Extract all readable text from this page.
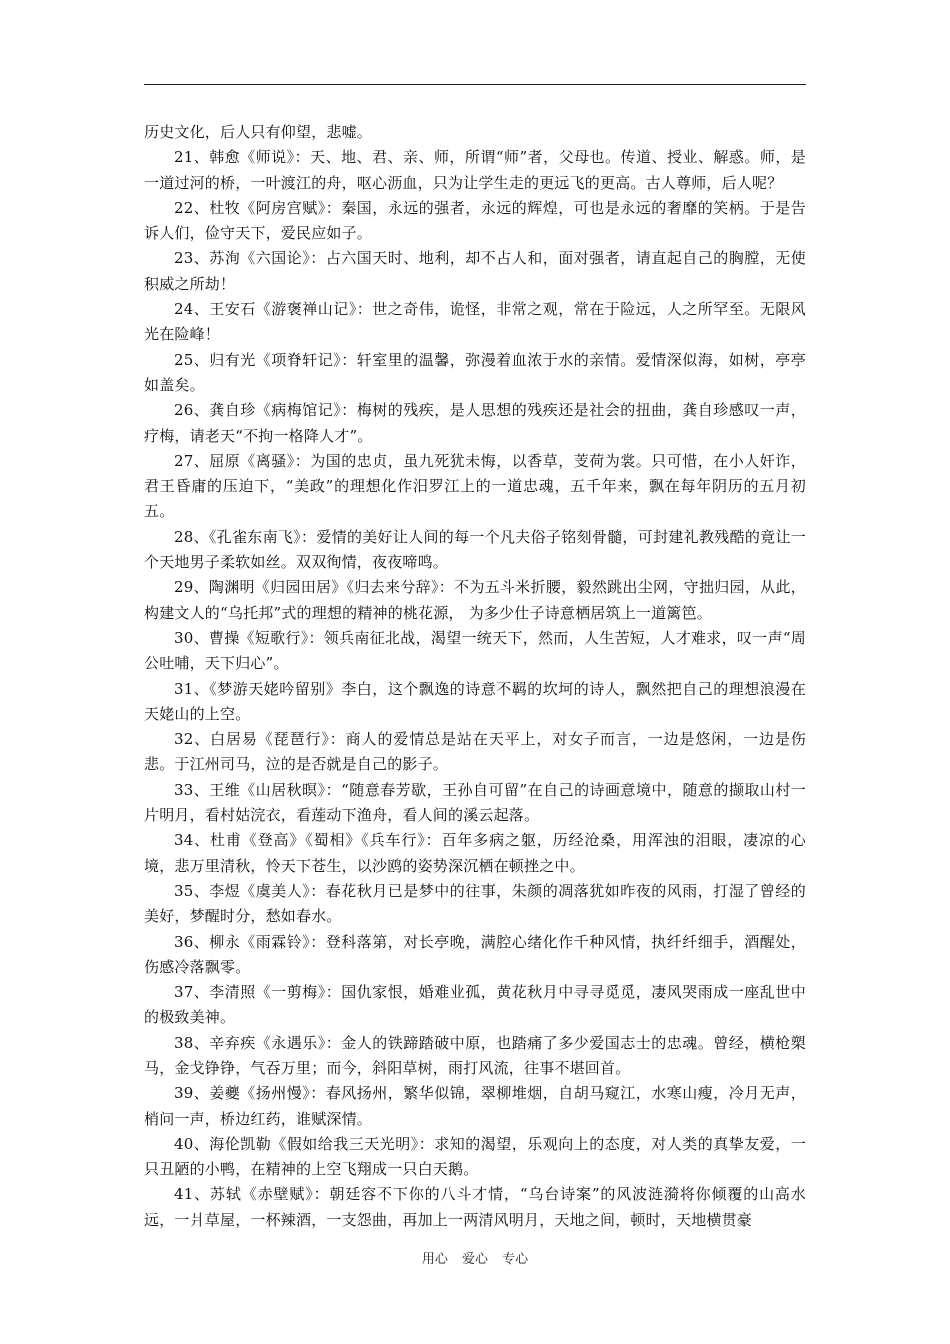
历史文化，后人只有仰望，悲嘘。

21、韩愈《师说》：天、地、君、亲、师，所谓“师”者，父母也。传道、授业、解惑。师，是一道过河的桥，一叶渡江的舟，呕心沥血，只为让学生走的更远飞的更高。古人尊师，后人呢？

22、杜牧《阿房宫赋》：秦国，永远的强者，永远的辉煌，可也是永远的奢靡的笑柄。于是告诉人们，俭守天下，爱民应如子。

23、苏洵《六国论》：占六国天时、地利，却不占人和，面对强者，请直起自己的胸膛，无使积威之所劫！

24、王安石《游褒禅山记》：世之奇伟，诡怪，非常之观，常在于险远，人之所罕至。无限风光在险峰！

25、归有光《项脊轩记》：轩室里的温馨，弥漫着血浓于水的亲情。爱情深似海，如树，亭亭如盖矣。

26、龚自珍《病梅馆记》：梅树的残疾，是人思想的残疾还是社会的扭曲，龚自珍感叹一声，疗梅，请老天“不拘一格降人才”。

27、屈原《离骚》：为国的忠贞，虽九死犹未悔，以香草，芰荷为裳。只可惜，在小人奸诈，君王昏庸的压迫下，“美政”的理想化作汨罗江上的一道忠魂，五千年来，飘在每年阴历的五月初五。

28、《孔雀东南飞》：爱情的美好让人间的每一个凡夫俗子铭刻骨髓，可封建礼教残酷的竟让一个天地男子柔软如丝。双双徇情，夜夜啼鸣。

29、陶渊明《归园田居》《归去来兮辞》：不为五斗米折腰，毅然跳出尘网，守拙归园，从此，构建文人的“乌托邦”式的理想的精神的桃花源， 为多少仕子诗意栖居筑上一道篱笆。

30、曹操《短歌行》：领兵南征北战，渴望一统天下，然而，人生苦短，人才难求，叹一声“周公吐哺，天下归心”。

31、《梦游天姥吟留别》李白，这个飘逸的诗意不羁的坎坷的诗人，飘然把自己的理想浪漫在天姥山的上空。

32、白居易《琵琶行》：商人的爱情总是站在天平上，对女子而言，一边是悠闲，一边是伤悲。于江州司马，泣的是否就是自己的影子。

33、王维《山居秋暝》：“随意春芳歇，王孙自可留”在自己的诗画意境中，随意的撷取山村一片明月，看村姑浣衣，看莲动下渔舟，看人间的溪云起落。

34、杜甫《登高》《蜀相》《兵车行》：百年多病之躯，历经沧桑，用浑浊的泪眼，凄凉的心境，悲万里清秋，怜天下苍生，以沙鸥的姿势深沉栖在顿挫之中。

35、李煜《虞美人》：春花秋月已是梦中的往事，朱颜的凋落犹如昨夜的风雨，打湿了曾经的美好，梦醒时分，愁如春水。

36、柳永《雨霖铃》：登科落第，对长亭晚，满腔心绪化作千种风情，执纤纤细手，酒醒处，伤感冷落飘零。

37、李清照《一剪梅》：国仇家恨，婚难业孤，黄花秋月中寻寻觅觅，凄风哭雨成一座乱世中的极致美神。

38、辛弃疾《永遇乐》：金人的铁蹄踏破中原，也踏痛了多少爱国志士的忠魂。曾经，横枪槊马，金戈铮铮，气吞万里；而今，斜阳草树，雨打风流，往事不堪回首。

39、姜夔《扬州慢》：春风扬州，繁华似锦，翠柳堆烟，自胡马窥江，水寒山瘦，冷月无声，梢问一声，桥边红药，谁赋深情。

40、海伦凯勒《假如给我三天光明》：求知的渴望，乐观向上的态度，对人类的真挚友爱，一只丑陋的小鸭，在精神的上空飞翔成一只白天鹅。

41、苏轼《赤壁赋》：朝廷容不下你的八斗才情，“乌台诗案”的风波涟漪将你倾覆的山高水远，一爿草屋，一杯辣酒，一支怨曲，再加上一两清风明月，天地之间，顿时，天地横贯豪

用心 爱心 专心
